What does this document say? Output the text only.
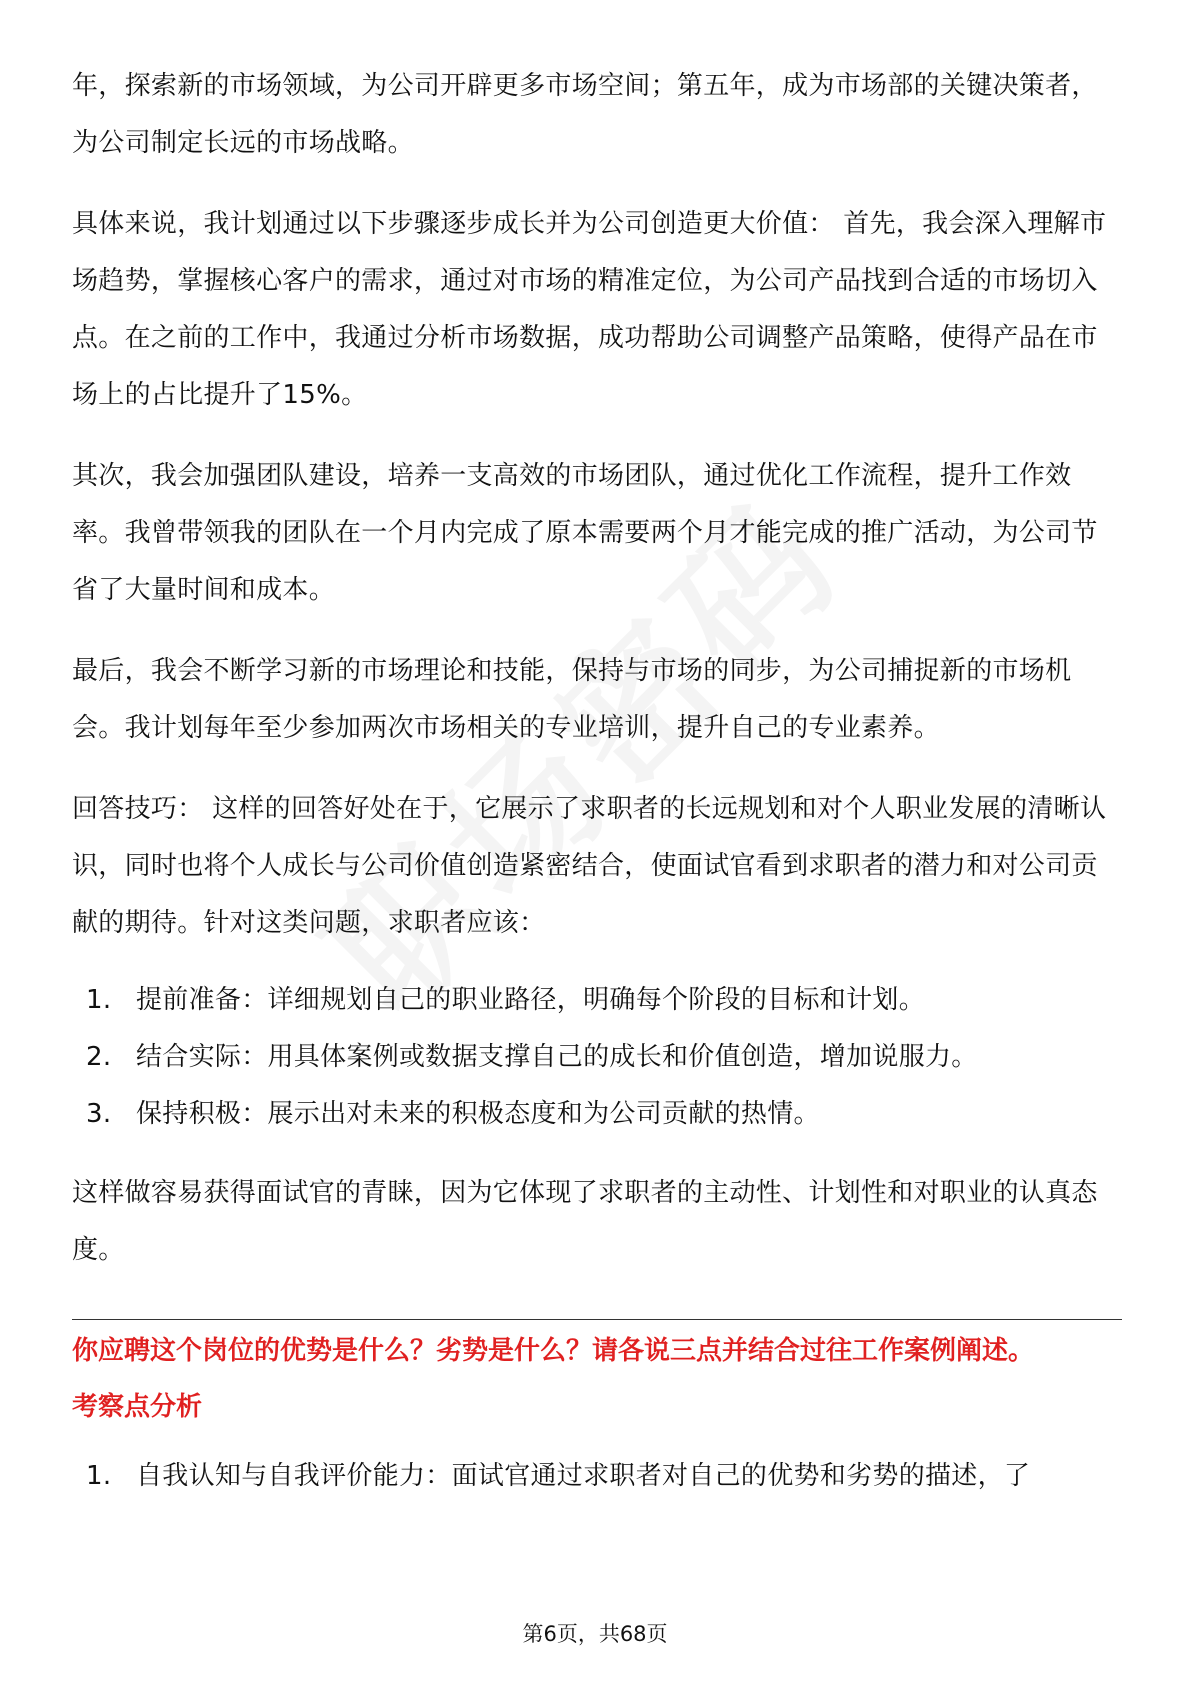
年，探索新的市场领域，为公司开辟更多市场空间；第五年，成为市场部的关键决策者，为公司制定长远的市场战略。

具体来说，我计划通过以下步骤逐步成长并为公司创造更大价值： 首先，我会深入理解市场趋势，掌握核心客户的需求，通过对市场的精准定位，为公司产品找到合适的市场切入点。在之前的工作中，我通过分析市场数据，成功帮助公司调整产品策略，使得产品在市场上的占比提升了15%。

其次，我会加强团队建设，培养一支高效的市场团队，通过优化工作流程，提升工作效率。我曾带领我的团队在一个月内完成了原本需要两个月才能完成的推广活动，为公司节省了大量时间和成本。

最后，我会不断学习新的市场理论和技能，保持与市场的同步，为公司捕捉新的市场机会。我计划每年至少参加两次市场相关的专业培训，提升自己的专业素养。

回答技巧： 这样的回答好处在于，它展示了求职者的长远规划和对个人职业发展的清晰认识，同时也将个人成长与公司价值创造紧密结合，使面试官看到求职者的潜力和对公司贡献的期待。针对这类问题，求职者应该：

1. 提前准备：详细规划自己的职业路径，明确每个阶段的目标和计划。
2. 结合实际：用具体案例或数据支撑自己的成长和价值创造，增加说服力。
3. 保持积极：展示出对未来的积极态度和为公司贡献的热情。

这样做容易获得面试官的青睐，因为它体现了求职者的主动性、计划性和对职业的认真态度。

你应聘这个岗位的优势是什么？劣势是什么？请各说三点并结合过往工作案例阐述。

考察点分析

1. 自我认知与自我评价能力：面试官通过求职者对自己的优势和劣势的描述，了
第6页，共68页
